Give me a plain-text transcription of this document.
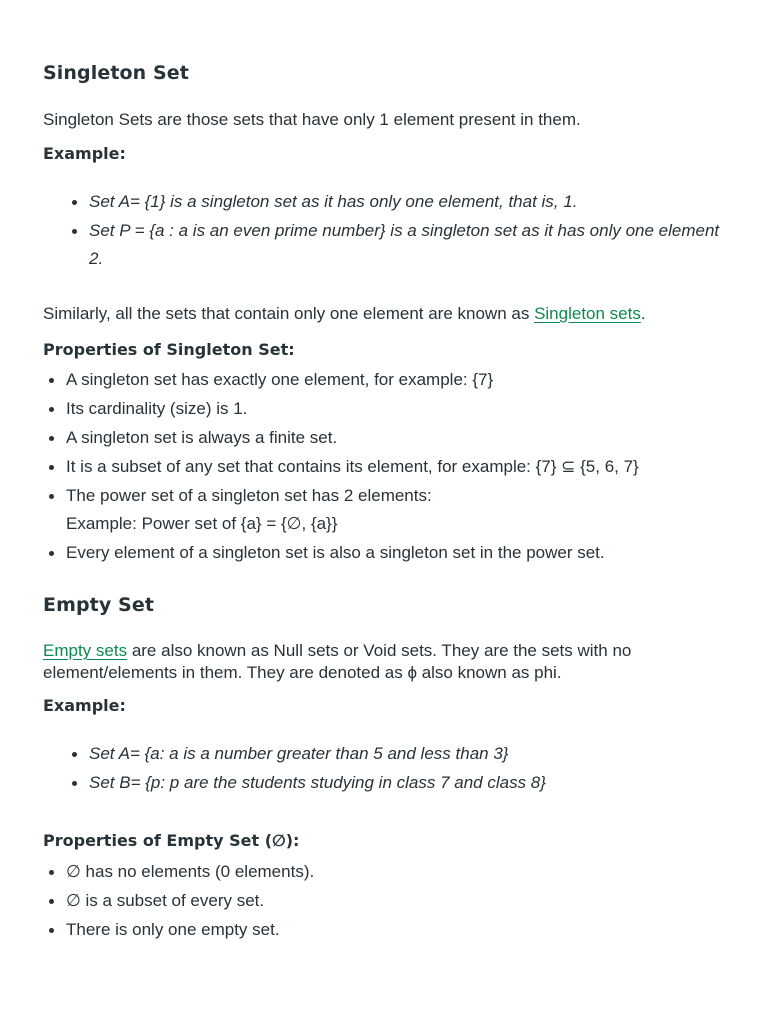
Singleton Set

Singleton Sets are those sets that have only 1 element present in them.

Example:
Set A= {1} is a singleton set as it has only one element, that is, 1.
Set P = {a : a is an even prime number} is a singleton set as it has only one element 2.

Similarly, all the sets that contain only one element are known as Singleton sets.

Properties of Singleton Set:
A singleton set has exactly one element, for example: {7}
Its cardinality (size) is 1.
A singleton set is always a finite set.
It is a subset of any set that contains its element, for example: {7} ⊆ {5, 6, 7}
The power set of a singleton set has 2 elements:
Example: Power set of {a} = {∅, {a}}
Every element of a singleton set is also a singleton set in the power set.
Empty Set

Empty sets are also known as Null sets or Void sets. They are the sets with no element/elements in them. They are denoted as ϕ also known as phi.

Example:
Set A= {a: a is a number greater than 5 and less than 3}
Set B= {p: p are the students studying in class 7 and class 8}
Properties of Empty Set (∅):
∅ has no elements (0 elements).
∅ is a subset of every set.
There is only one empty set.
